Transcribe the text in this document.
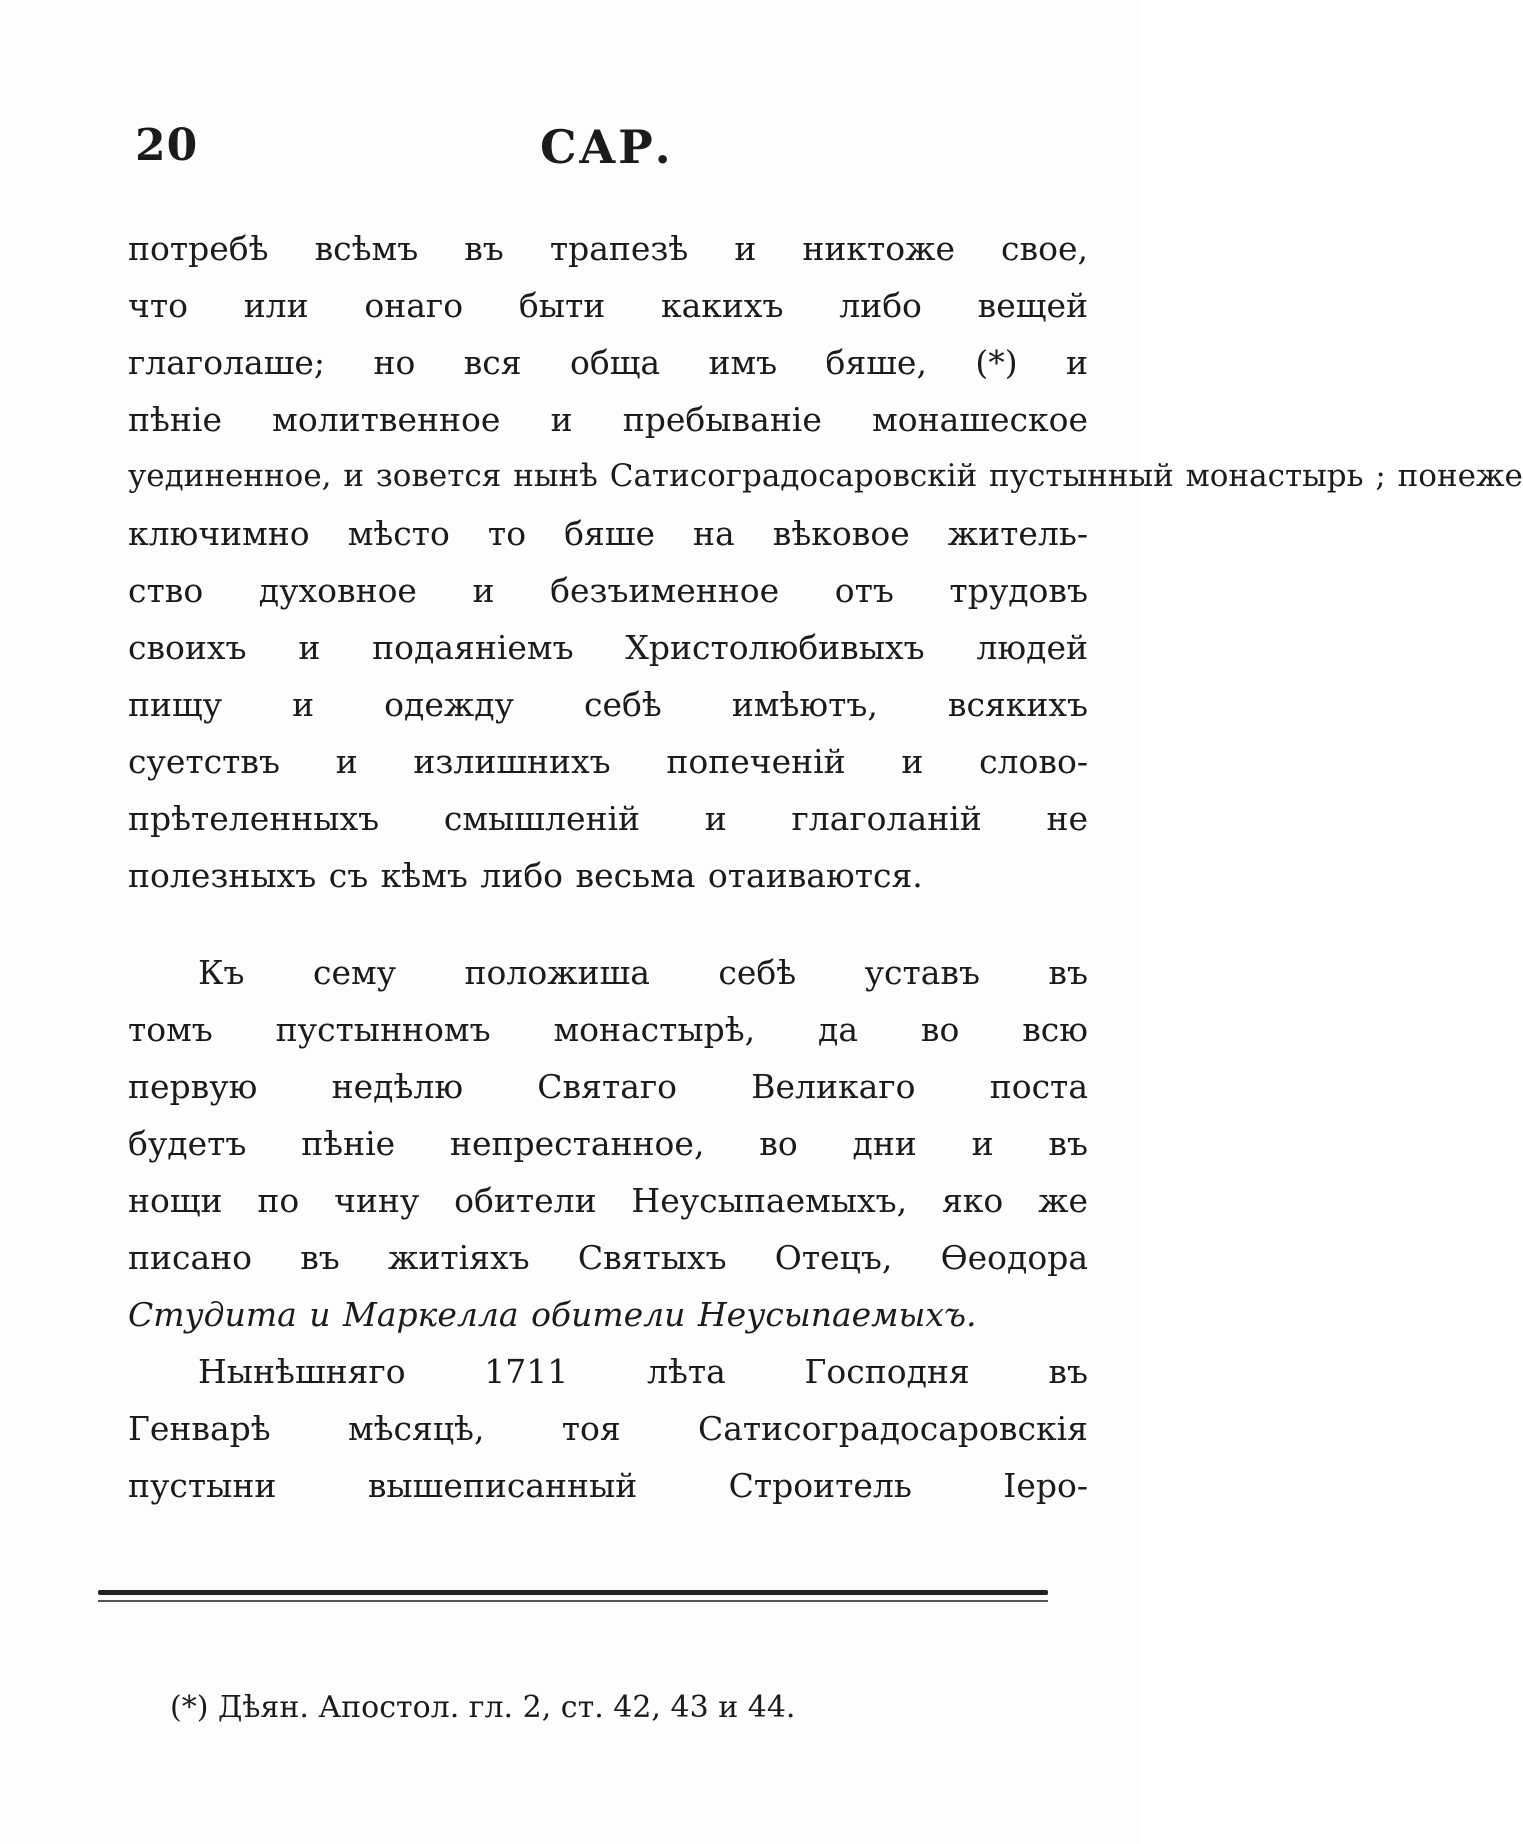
20	САР.
потребѣ всѣмъ въ трапезѣ и никтоже свое,
что или онаго быти какихъ либо вещей
глаголаше; но вся обща имъ бяше, (*) и
пѣніе молитвенное и пребываніе монашеское
уединенное, и зовется нынѣ Сатисоградосаровскій пустынный монастырь ; понеже
ключимно мѣсто то бяше на вѣковое житель-
ство духовное и безъименное отъ трудовъ
своихъ и подаяніемъ Христолюбивыхъ людей
пищу и одежду себѣ имѣютъ, всякихъ
суетствъ и излишнихъ попеченій и слово-
прѣтеленныхъ смышленій и глаголаній не
полезныхъ съ кѣмъ либо весьма отаиваются.
Къ сему положиша себѣ уставъ въ
томъ пустынномъ монастырѣ, да во всю
первую недѣлю Святаго Великаго поста
будетъ пѣніе непрестанное, во дни и въ
нощи по чину обители Неусыпаемыхъ, яко же
писано въ житіяхъ Святыхъ Отецъ, Ѳеодора
Студита и Маркелла обители Неусыпаемыхъ.
Нынѣшняго 1711 лѣта Господня въ
Генварѣ мѣсяцѣ, тоя Сатисоградосаровскія
пустыни вышеписанный Строитель Іеро-
(*) Дѣян. Апостол. гл. 2, ст. 42, 43 и 44.
